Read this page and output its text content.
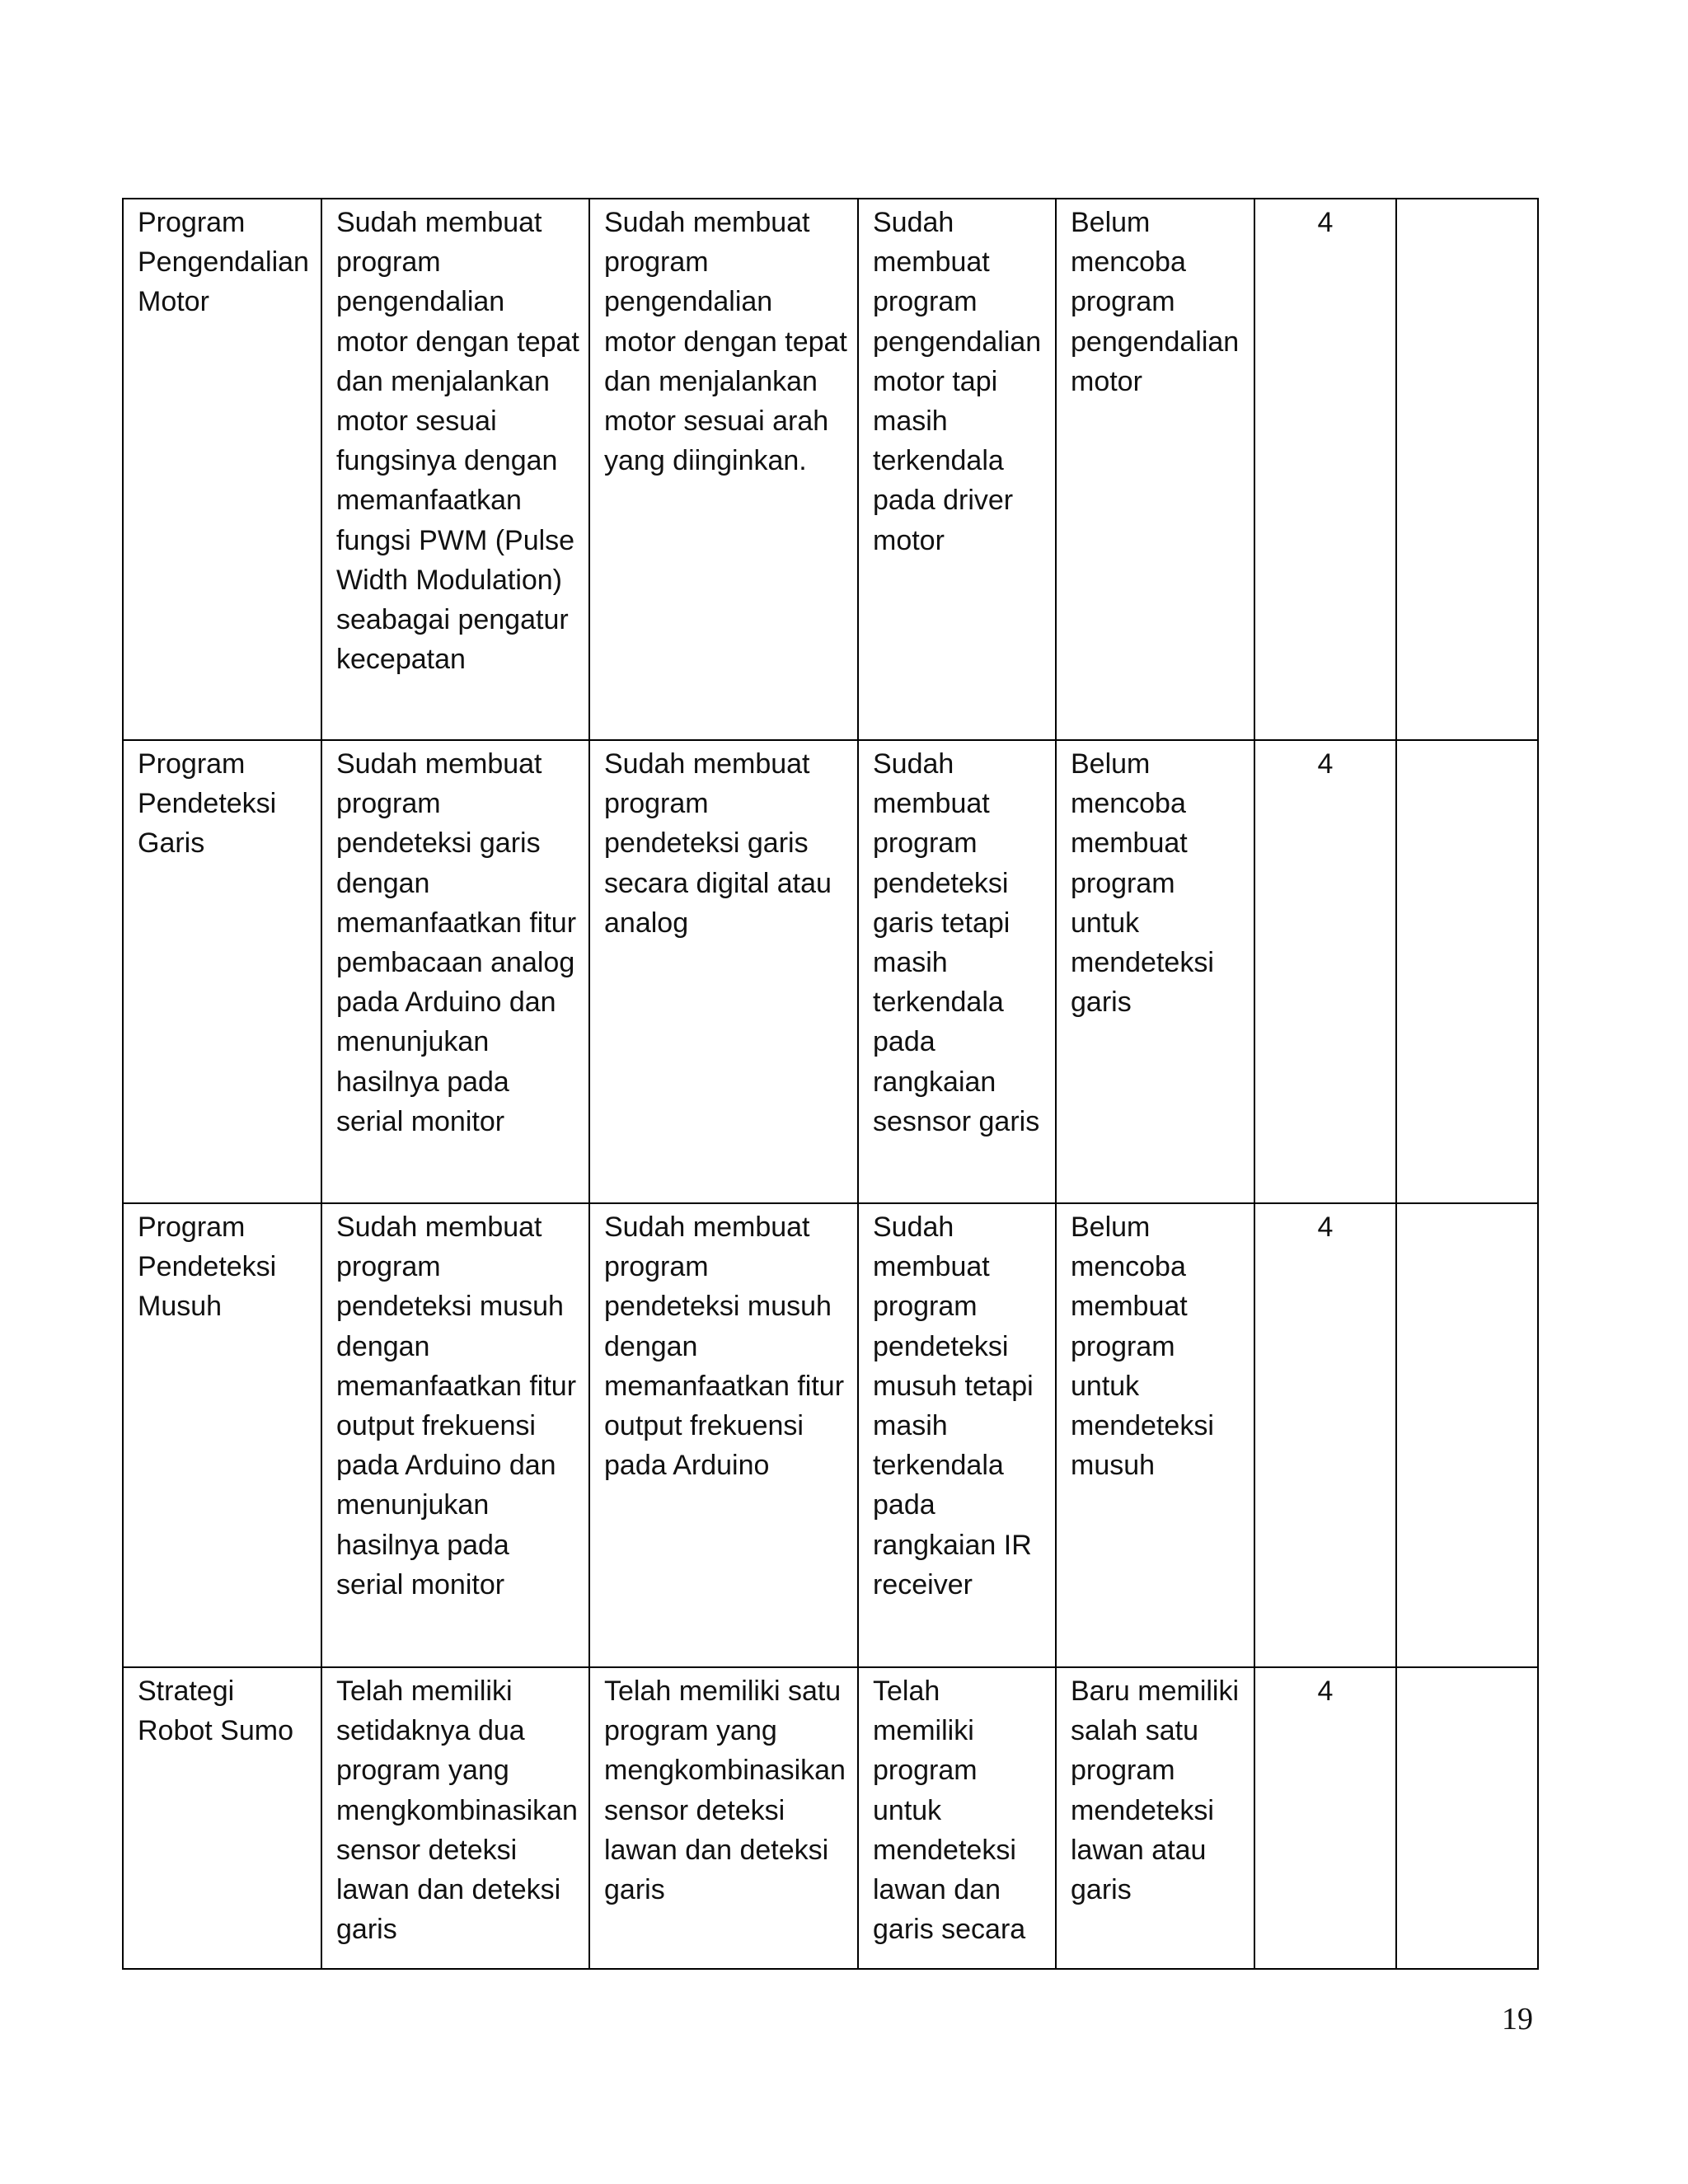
Program Pengendalian Motor	Sudah membuat program pengendalian motor dengan tepat dan menjalankan motor sesuai fungsinya dengan memanfaatkan fungsi PWM (Pulse Width Modulation) seabagai pengatur kecepatan	Sudah membuat program pengendalian motor dengan tepat dan menjalankan motor sesuai arah yang diinginkan.	Sudah membuat program pengendalian motor tapi masih terkendala pada driver motor	Belum mencoba program pengendalian motor	4	
Program Pendeteksi Garis	Sudah membuat program pendeteksi garis dengan memanfaatkan fitur pembacaan analog pada Arduino dan menunjukan hasilnya pada serial monitor	Sudah membuat program pendeteksi garis secara digital atau analog	Sudah membuat program pendeteksi garis tetapi masih terkendala pada rangkaian sesnsor garis	Belum mencoba membuat program untuk mendeteksi garis	4	
Program Pendeteksi Musuh	Sudah membuat program pendeteksi musuh dengan memanfaatkan fitur output frekuensi pada Arduino dan menunjukan hasilnya pada serial monitor	Sudah membuat program pendeteksi musuh dengan memanfaatkan fitur output frekuensi pada Arduino	Sudah membuat program pendeteksi musuh tetapi masih terkendala pada rangkaian IR receiver	Belum mencoba membuat program untuk mendeteksi musuh	4	
Strategi Robot Sumo	Telah memiliki setidaknya dua program yang mengkombinasikan sensor deteksi lawan dan deteksi garis	Telah memiliki satu program yang mengkombinasikan sensor deteksi lawan dan deteksi garis	Telah memiliki program untuk mendeteksi lawan dan garis secara	Baru memiliki salah satu program mendeteksi lawan atau garis	4	
19
